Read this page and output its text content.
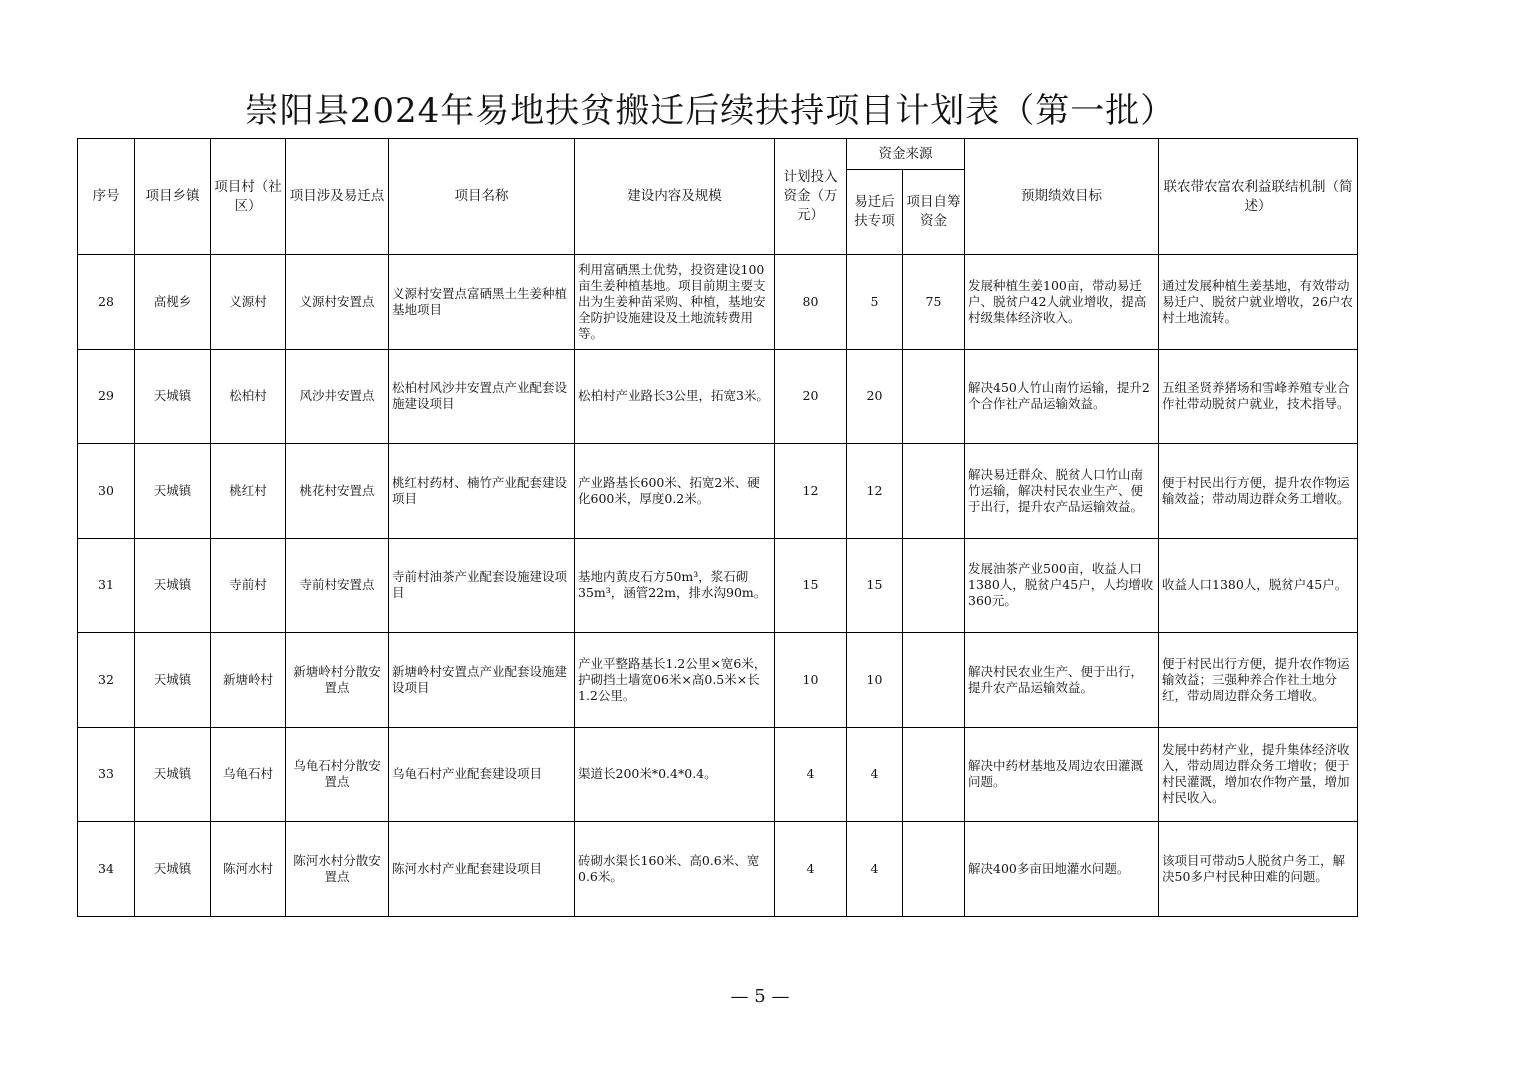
崇阳县2024年易地扶贫搬迁后续扶持项目计划表（第一批）
序号	项目乡镇	项目村（社区）	项目涉及易迁点	项目名称	建设内容及规模	计划投入资金（万元）	资金来源		预期绩效目标	联农带农富农利益联结机制（简述）
							易迁后扶专项	项目自筹资金		
28	高枧乡	义源村	义源村安置点	义源村安置点富硒黑土生姜种植基地项目	利用富硒黑土优势，投资建设100亩生姜种植基地。项目前期主要支出为生姜种苗采购、种植，基地安全防护设施建设及土地流转费用等。	80	5	75	发展种植生姜100亩，带动易迁户、脱贫户42人就业增收，提高村级集体经济收入。	通过发展种植生姜基地，有效带动易迁户、脱贫户就业增收，26户农村土地流转。
29	天城镇	松柏村	风沙井安置点	松柏村风沙井安置点产业配套设施建设项目	松柏村产业路长3公里，拓宽3米。	20	20		解决450人竹山南竹运输，提升2个合作社产品运输效益。	五组圣贤养猪场和雪峰养殖专业合作社带动脱贫户就业，技术指导。
30	天城镇	桃红村	桃花村安置点	桃红村药材、楠竹产业配套建设项目	产业路基长600米、拓宽2米、硬化600米，厚度0.2米。	12	12		解决易迁群众、脱贫人口竹山南竹运输，解决村民农业生产、便于出行，提升农产品运输效益。	便于村民出行方便，提升农作物运输效益；带动周边群众务工增收。
31	天城镇	寺前村	寺前村安置点	寺前村油茶产业配套设施建设项目	基地内黄皮石方50m³，浆石砌35m³，涵管22m，排水沟90m。	15	15		发展油茶产业500亩，收益人口1380人，脱贫户45户，人均增收360元。	收益人口1380人，脱贫户45户。
32	天城镇	新塘岭村	新塘岭村分散安置点	新塘岭村安置点产业配套设施建设项目	产业平整路基长1.2公里×宽6米，护砌挡土墙宽06米×高0.5米×长1.2公里。	10	10		解决村民农业生产、便于出行，提升农产品运输效益。	便于村民出行方便，提升农作物运输效益；三强种养合作社土地分红，带动周边群众务工增收。
33	天城镇	乌龟石村	乌龟石村分散安置点	乌龟石村产业配套建设项目	渠道长200米*0.4*0.4。	4	4		解决中药材基地及周边农田灌溉问题。	发展中药材产业，提升集体经济收入，带动周边群众务工增收；便于村民灌溉，增加农作物产量，增加村民收入。
34	天城镇	陈河水村	陈河水村分散安置点	陈河水村产业配套建设项目	砖砌水渠长160米、高0.6米、宽0.6米。	4	4		解决400多亩田地灌水问题。	该项目可带动5人脱贫户务工，解决50多户村民种田难的问题。
— 5 —
